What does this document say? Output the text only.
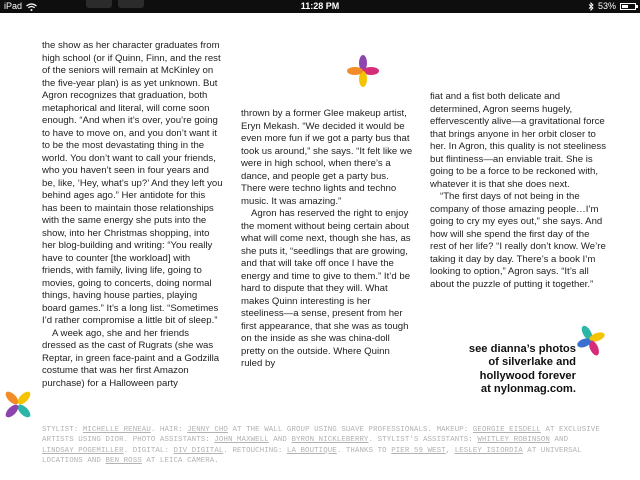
iPad	11:28 PM	53%

the show as her character graduates from high school (or if Quinn, Finn, and the rest of the seniors will remain at McKinley on the five-year plan) is as yet unknown. But Agron recognizes that graduation, both metaphorical and literal, will come soon enough. “And when it’s over, you’re going to have to move on, and you don’t want it to be the most devastating thing in the world. You don’t want to call your friends, who you haven’t seen in four years and be, like, ‘Hey, what’s up?’ And they left you behind ages ago.” Her antidote for this has been to maintain those relationships with the same energy she puts into the show, into her Christmas shopping, into her blog-building and writing: “You really have to counter [the workload] with friends, with family, living life, going to movies, going to concerts, doing normal things, having house parties, playing board games.” It’s a long list. “Sometimes I’d rather compromise a little bit of sleep.”

A week ago, she and her friends dressed as the cast of Rugrats (she was Reptar, in green face-paint and a Godzilla costume that was her first Amazon purchase) for a Halloween party

thrown by a former Glee makeup artist, Eryn Mekash. “We decided it would be even more fun if we got a party bus that took us around,” she says. “It felt like we were in high school, when there’s a dance, and people get a party bus. There were techno lights and techno music. It was amazing.”

Agron has reserved the right to enjoy the moment without being certain about what will come next, though she has, as she puts it, “seedlings that are growing, and that will take off once I have the energy and time to give to them.” It’d be hard to dispute that they will. What makes Quinn interesting is her steeliness—a sense, present from her first appearance, that she was as tough on the inside as she was china-doll pretty on the outside. Where Quinn ruled by

fiat and a fist both delicate and determined, Agron seems hugely, effervescently alive—a gravitational force that brings anyone in her orbit closer to her. In Agron, this quality is not steeliness but flintiness—an enviable trait. She is going to be a force to be reckoned with, whatever it is that she does next.

“The first days of not being in the company of those amazing people…I’m going to cry my eyes out,” she says. And how will she spend the first day of the rest of her life? “I really don’t know. We’re taking it day by day. There’s a book I’m looking to option,” Agron says. “It’s all about the puzzle of putting it together.”

see dianna’s photos
of silverlake and
hollywood forever
at nylonmag.com.
STYLIST: MICHELLE RENEAU. HAIR: JENNY CHO AT THE WALL GROUP USING SUAVE PROFESSIONALS. MAKEUP: GEORGIE EISDELL AT EXCLUSIVE ARTISTS USING DIOR. PHOTO ASSISTANTS: JOHN MAXWELL AND BYRON NICKLEBERRY. STYLIST’S ASSISTANTS: WHITLEY ROBINSON AND LINDSAY POGEMILLER. DIGITAL: DIV DIGITAL. RETOUCHING: LA BOUTIQUE. THANKS TO PIER 59 WEST, LESLEY ISIORDIA AT UNIVERSAL LOCATIONS AND BEN ROSS AT LEICA CAMERA.
